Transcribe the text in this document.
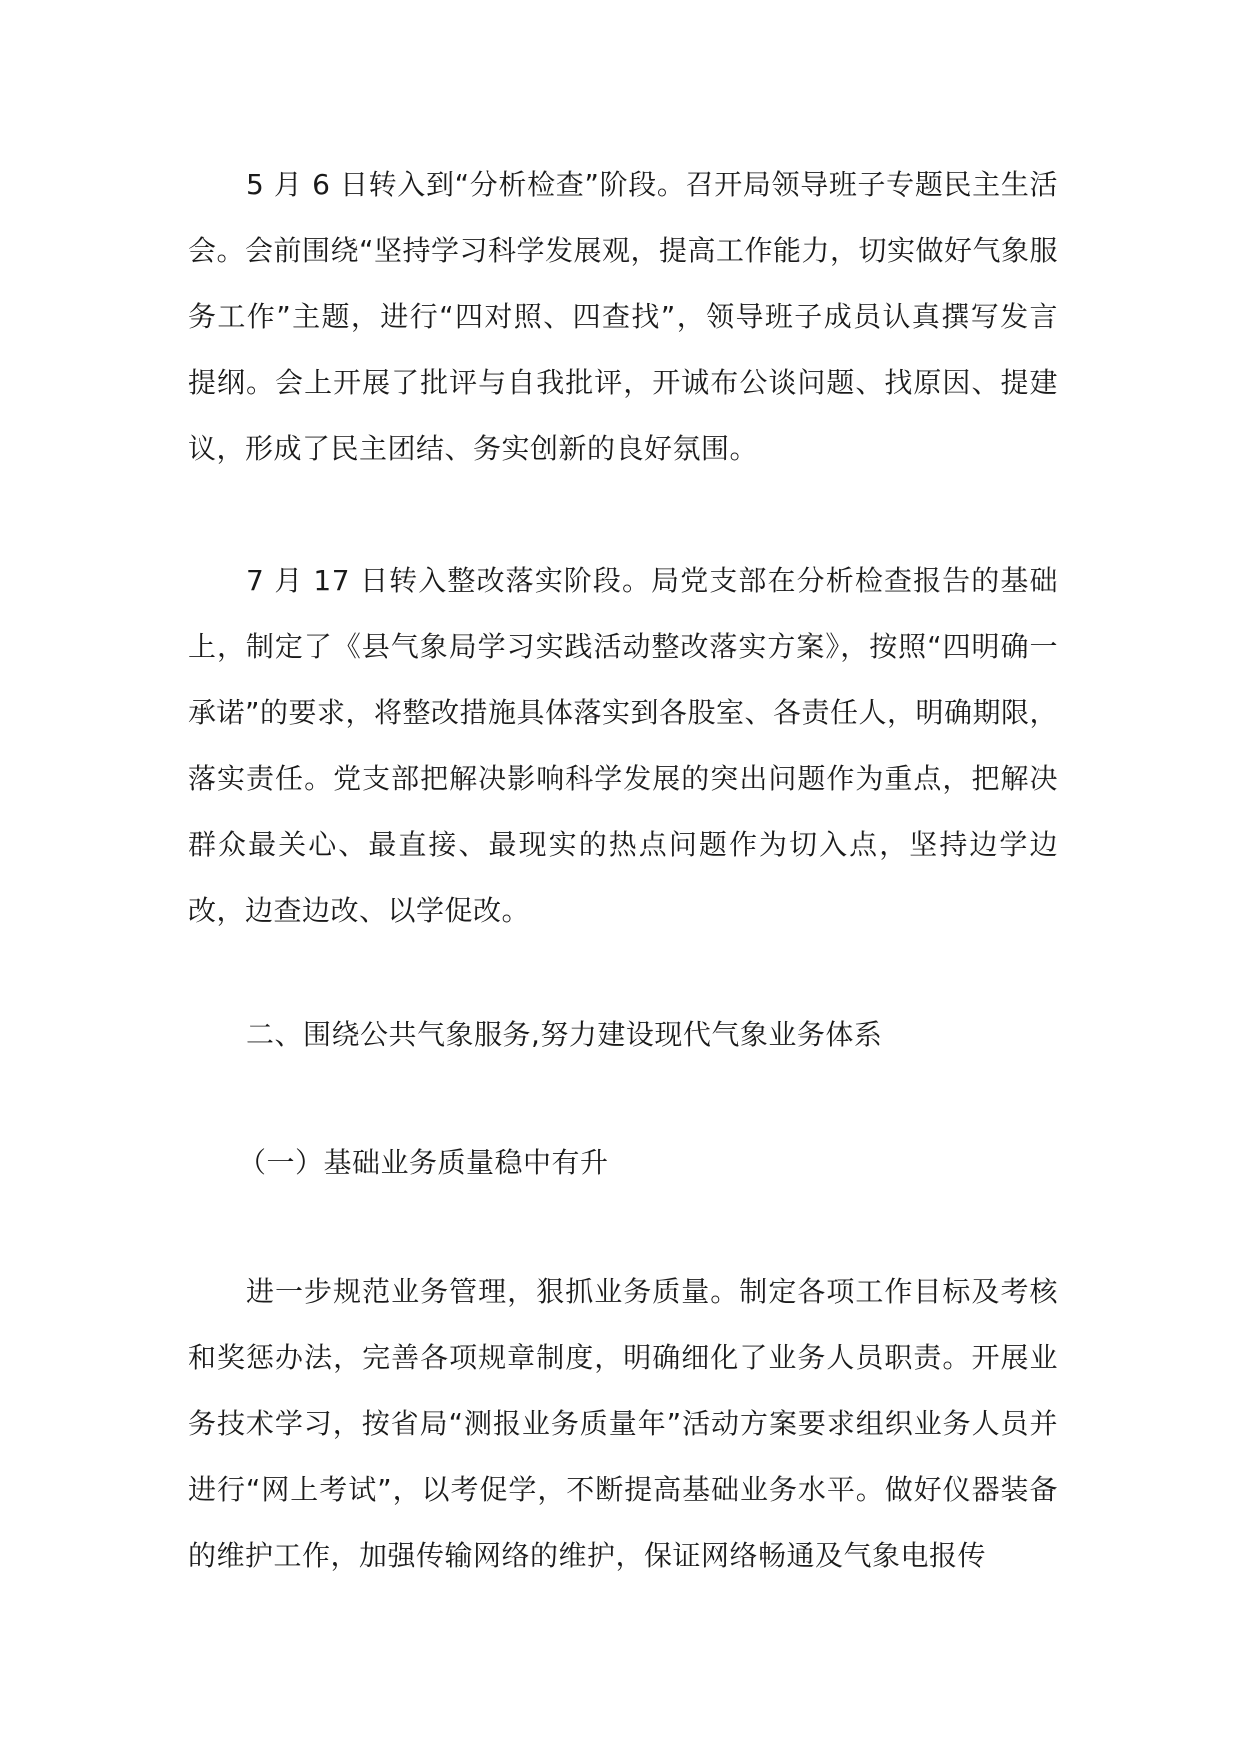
5 月 6 日转入到“分析检查”阶段。召开局领导班子专题民主生活会。会前围绕“坚持学习科学发展观，提高工作能力，切实做好气象服务工作”主题，进行“四对照、四查找”，领导班子成员认真撰写发言提纲。会上开展了批评与自我批评，开诚布公谈问题、找原因、提建议，形成了民主团结、务实创新的良好氛围。

7 月 17 日转入整改落实阶段。局党支部在分析检查报告的基础上，制定了《县气象局学习实践活动整改落实方案》，按照“四明确一承诺”的要求，将整改措施具体落实到各股室、各责任人，明确期限，落实责任。党支部把解决影响科学发展的突出问题作为重点，把解决群众最关心、最直接、最现实的热点问题作为切入点，坚持边学边改，边查边改、以学促改。

二、围绕公共气象服务,努力建设现代气象业务体系

（一）基础业务质量稳中有升

进一步规范业务管理，狠抓业务质量。制定各项工作目标及考核和奖惩办法，完善各项规章制度，明确细化了业务人员职责。开展业务技术学习，按省局“测报业务质量年”活动方案要求组织业务人员并进行“网上考试”，以考促学，不断提高基础业务水平。做好仪器装备的维护工作，加强传输网络的维护，保证网络畅通及气象电报传
